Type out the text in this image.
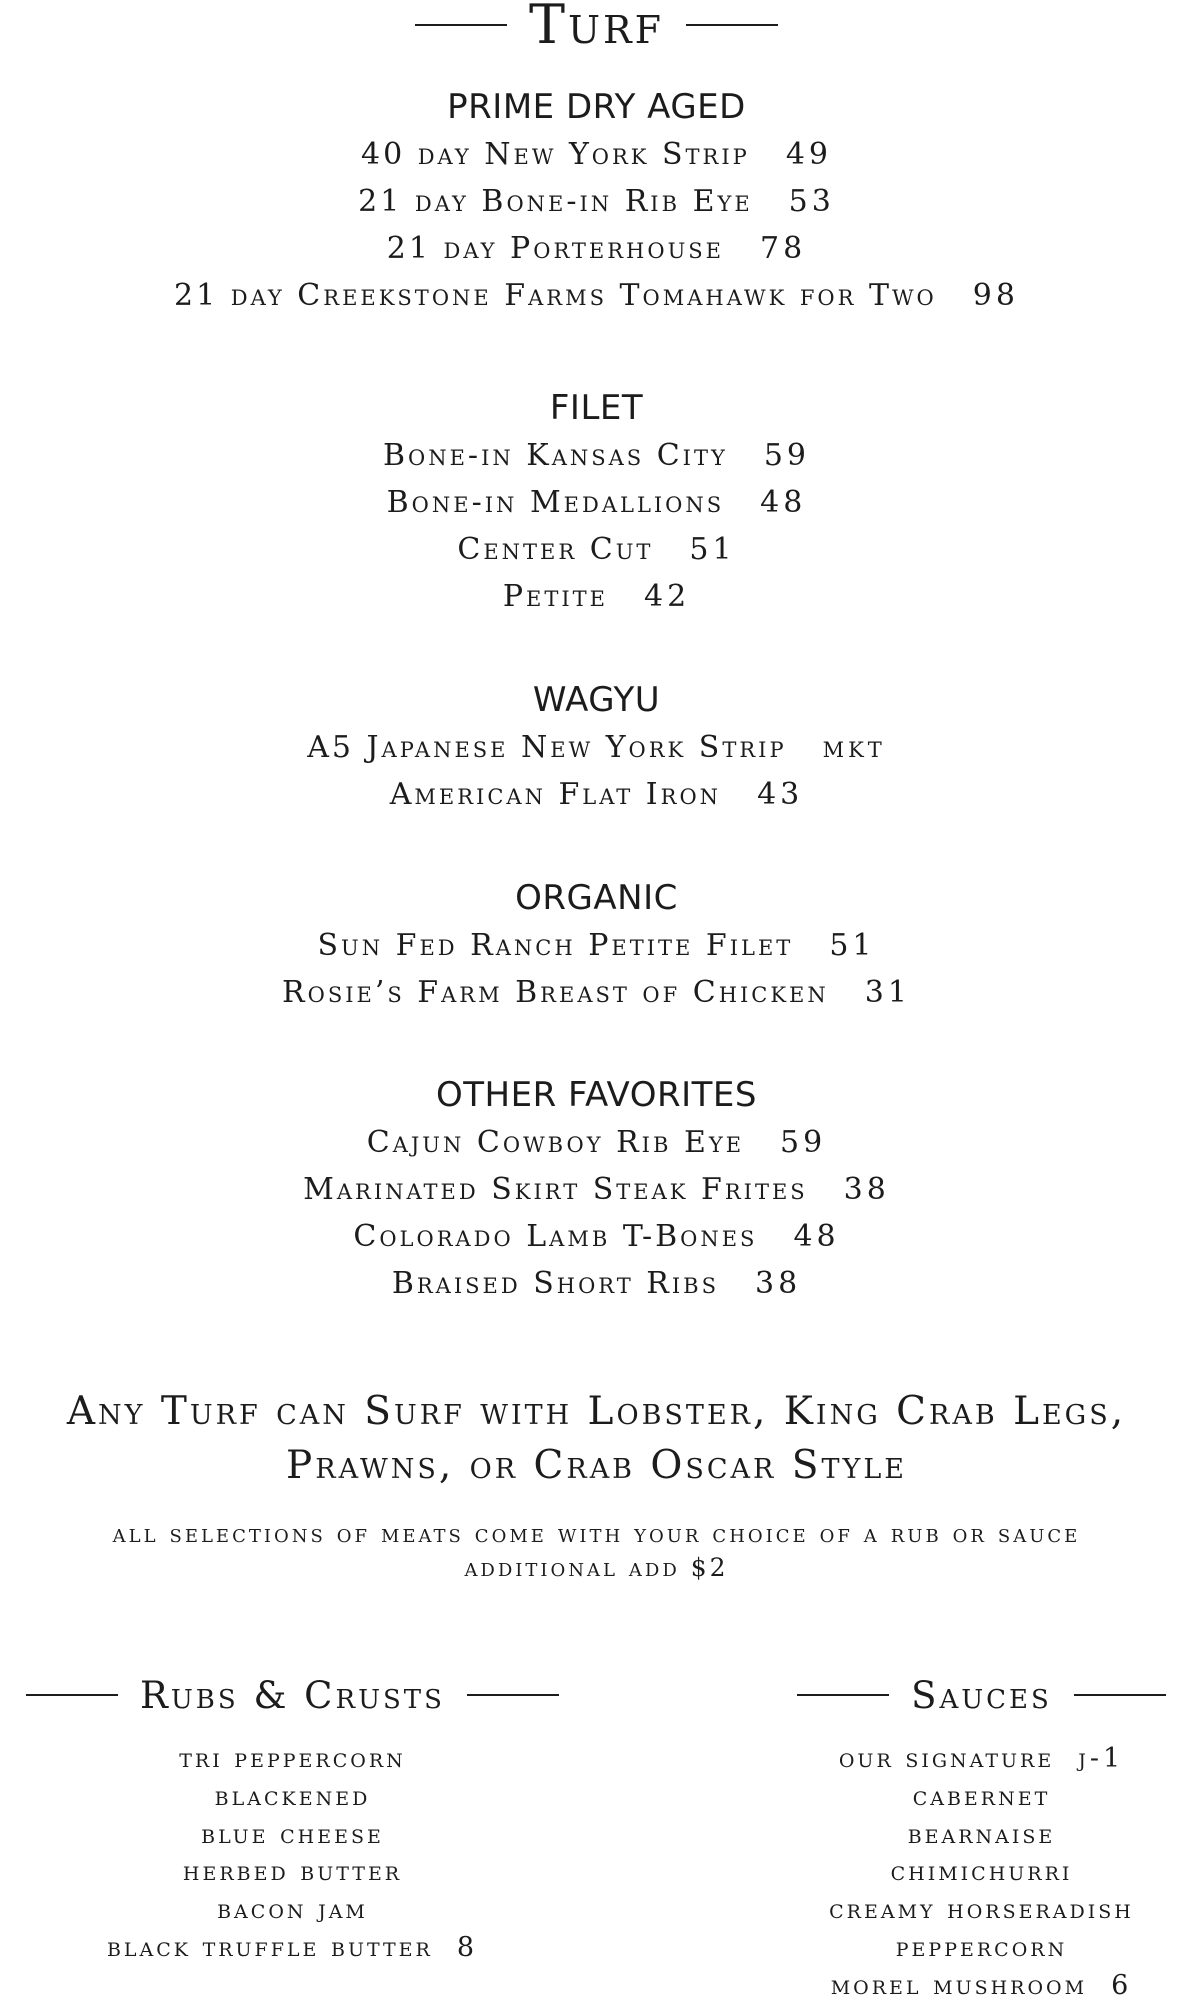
Turf
PRIME DRY AGED
40 day New York Strip 49
21 day Bone-in Rib Eye 53
21 day Porterhouse 78
21 day Creekstone Farms Tomahawk for Two 98
FILET
Bone-in Kansas City 59
Bone-in Medallions 48
Center Cut 51
Petite 42
WAGYU
A5 Japanese New York Strip mkt
American Flat Iron 43
ORGANIC
Sun Fed Ranch Petite Filet 51
Rosie’s Farm Breast of Chicken 31
OTHER FAVORITES
Cajun Cowboy Rib Eye 59
Marinated Skirt Steak Frites 38
Colorado Lamb T-Bones 48
Braised Short Ribs 38
Any Turf can Surf with Lobster, King Crab Legs,
Prawns, or Crab Oscar Style
all selections of meats come with your choice of a rub or sauce
additional add $2
Rubs & Crusts
tri peppercorn
blackened
blue cheese
herbed butter
bacon jam
black truffle butter 8
Sauces
our signature j-1
cabernet
bearnaise
chimichurri
creamy horseradish
peppercorn
morel mushroom 6
